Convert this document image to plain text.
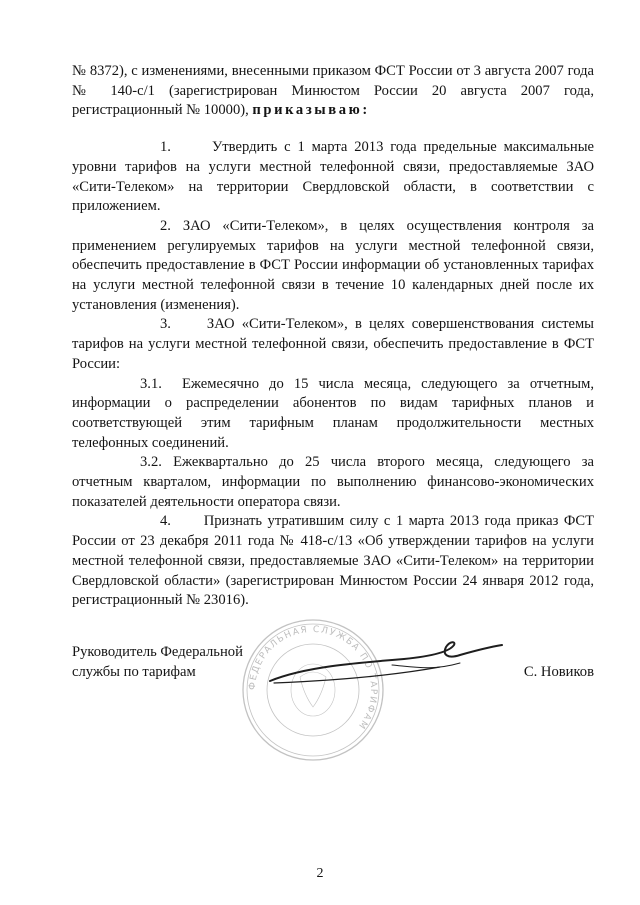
№ 8372), с изменениями, внесенными приказом ФСТ России от 3 августа 2007 года № 140-с/1 (зарегистрирован Минюстом России 20 августа 2007 года, регистрационный № 10000), приказываю:

1.	Утвердить с 1 марта 2013 года предельные максимальные уровни тарифов на услуги местной телефонной связи, предоставляемые ЗАО «Сити-Телеком» на территории Свердловской области, в соответствии с приложением.

2. ЗАО «Сити-Телеком», в целях осуществления контроля за применением регулируемых тарифов на услуги местной телефонной связи, обеспечить предоставление в ФСТ России информации об установленных тарифах на услуги местной телефонной связи в течение 10 календарных дней после их установления (изменения).

3. ЗАО «Сити-Телеком», в целях совершенствования системы тарифов на услуги местной телефонной связи, обеспечить предоставление в ФСТ России:

3.1. Ежемесячно до 15 числа месяца, следующего за отчетным, информации о распределении абонентов по видам тарифных планов и соответствующей этим тарифным планам продолжительности местных телефонных соединений.

3.2. Ежеквартально до 25 числа второго месяца, следующего за отчетным кварталом, информации по выполнению финансово-экономических показателей деятельности оператора связи.

4. Признать утратившим силу с 1 марта 2013 года приказ ФСТ России от 23 декабря 2011 года № 418-с/13 «Об утверждении тарифов на услуги местной телефонной связи, предоставляемые ЗАО «Сити-Телеком» на территории Свердловской области» (зарегистрирован Минюстом России 24 января 2012 года, регистрационный № 23016).

Руководитель Федеральной
службы по тарифам
ФЕДЕРАЛЬНАЯ СЛУЖБА ПО ТАРИФАМ
С. Новиков
2
